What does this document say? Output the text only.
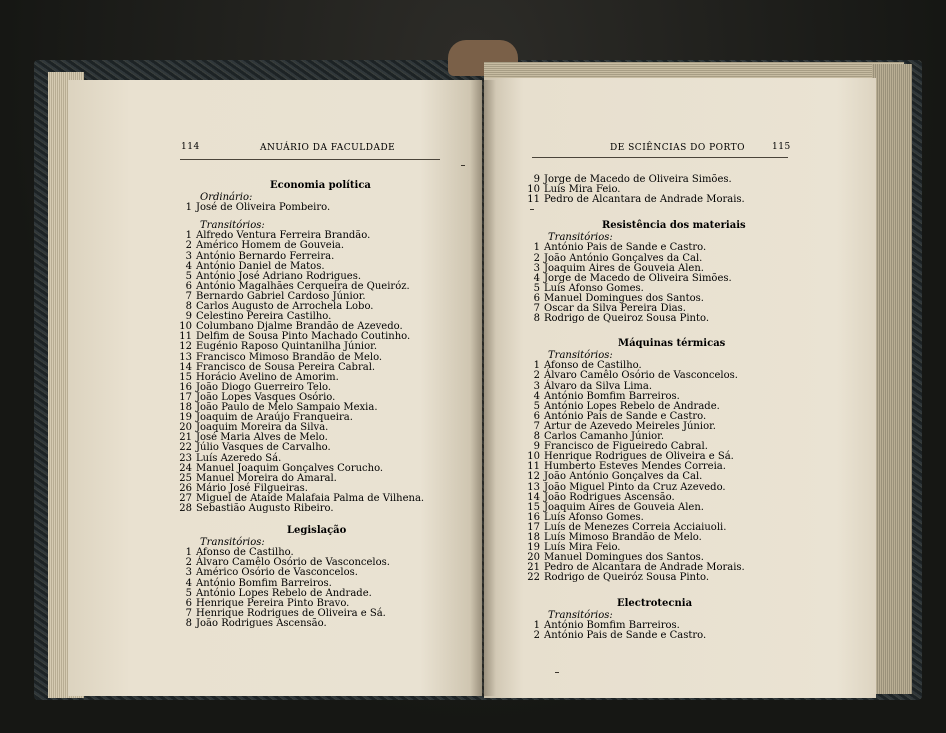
114	ANUÁRIO DA FACULDADE	DE SCIÊNCIAS DO PORTO	115
Economia política
Ordinário:
1 José de Oliveira Pombeiro.
Transitórios:
1 Alfredo Ventura Ferreira Brandão.
2 Américo Homem de Gouveia.
3 António Bernardo Ferreira.
4 António Daniel de Matos.
5 António José Adriano Rodrigues.
6 António Magalhães Cerqueira de Queiróz.
7 Bernardo Gabriel Cardoso Júnior.
8 Carlos Augusto de Arrochela Lobo.
9 Celestino Pereira Castilho.
10 Columbano Djalme Brandão de Azevedo.
11 Delfim de Sousa Pinto Machado Coutinho.
12 Eugénio Raposo Quintanilha Júnior.
13 Francisco Mimoso Brandão de Melo.
14 Francisco de Sousa Pereira Cabral.
15 Horácio Avelino de Amorim.
16 João Diogo Guerreiro Telo.
17 João Lopes Vasques Osório.
18 João Paulo de Melo Sampaio Mexia.
19 Joaquim de Araújo Franqueira.
20 Joaquim Moreira da Silva.
21 José Maria Alves de Melo.
22 Júlio Vasques de Carvalho.
23 Luís Azeredo Sá.
24 Manuel Joaquim Gonçalves Corucho.
25 Manuel Moreira do Amaral.
26 Mário José Filgueiras.
27 Miguel de Ataíde Malafaia Palma de Vilhena.
28 Sebastião Augusto Ribeiro.
Legislação
Transitórios:
1 Afonso de Castilho.
2 Álvaro Camêlo Osório de Vasconcelos.
3 Américo Osório de Vasconcelos.
4 António Bomfim Barreiros.
5 António Lopes Rebelo de Andrade.
6 Henrique Pereira Pinto Bravo.
7 Henrique Rodrigues de Oliveira e Sá.
8 João Rodrigues Ascensão.
9 Jorge de Macedo de Oliveira Simões.
10 Luís Mira Feio.
11 Pedro de Alcantara de Andrade Morais.
Resistência dos materiais
Transitórios:
1 António Pais de Sande e Castro.
2 João António Gonçalves da Cal.
3 Joaquim Aires de Gouveia Alen.
4 Jorge de Macedo de Oliveira Simões.
5 Luís Afonso Gomes.
6 Manuel Domingues dos Santos.
7 Oscar da Silva Pereira Dias.
8 Rodrigo de Queiroz Sousa Pinto.
Máquinas térmicas
Transitórios:
1 Afonso de Castilho.
2 Álvaro Camêlo Osório de Vasconcelos.
3 Álvaro da Silva Lima.
4 António Bomfim Barreiros.
5 António Lopes Rebelo de Andrade.
6 António Pais de Sande e Castro.
7 Artur de Azevedo Meireles Júnior.
8 Carlos Camanho Júnior.
9 Francisco de Figueiredo Cabral.
10 Henrique Rodrigues de Oliveira e Sá.
11 Humberto Esteves Mendes Correia.
12 João António Gonçalves da Cal.
13 João Miguel Pinto da Cruz Azevedo.
14 João Rodrigues Ascensão.
15 Joaquim Aires de Gouveia Alen.
16 Luís Afonso Gomes.
17 Luís de Menezes Correia Acciaiuoli.
18 Luís Mimoso Brandão de Melo.
19 Luís Mira Feio.
20 Manuel Domingues dos Santos.
21 Pedro de Alcantara de Andrade Morais.
22 Rodrigo de Queiróz Sousa Pinto.
Electrotecnia
Transitórios:
1 António Bomfim Barreiros.
2 António Pais de Sande e Castro.
